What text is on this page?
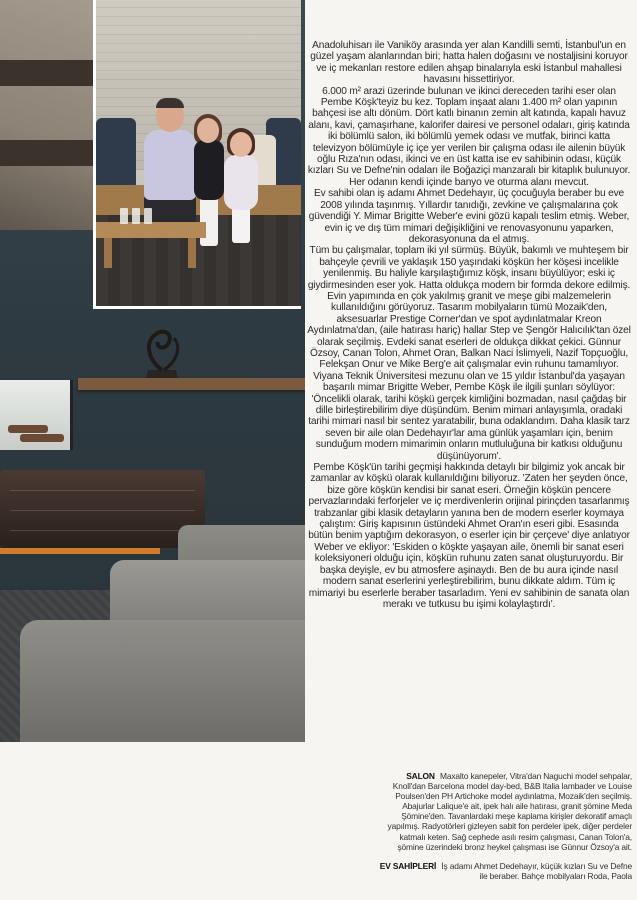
Anadoluhisarı ile Vaniköy arasında yer alan Kandilli semti, İstanbul'un en güzel yaşam alanlarından biri; hatta halen doğasını ve nostaljisini koruyor ve iç mekanları restore edilen ahşap binalarıyla eski İstanbul mahallesi havasını hissettiriyor.

6.000 m² arazi üzerinde bulunan ve ikinci dereceden tarihi eser olan Pembe Köşk'teyiz bu kez. Toplam inşaat alanı 1.400 m² olan yapının bahçesi ise altı dönüm. Dört katlı binanın zemin alt katında, kapalı havuz alanı, kavi, çamaşırhane, kalorifer dairesi ve personel odaları, giriş katında iki bölümlü salon, iki bölümlü yemek odası ve mutfak, birinci katta televizyon bölümüyle iç içe yer verilen bir çalışma odası ile ailenin büyük oğlu Rıza'nın odası, ikinci ve en üst katta ise ev sahibinin odası, küçük kızları Su ve Defne'nin odaları ile Boğaziçi manzaralı bir kitaplık bulunuyor. Her odanın kendi içinde banyo ve oturma alanı mevcut.

Ev sahibi olan iş adamı Ahmet Dedehayır, üç çocuğuyla beraber bu eve 2008 yılında taşınmış. Yıllardır tanıdığı, zevkine ve çalışmalarına çok güvendiği Y. Mimar Brigitte Weber'e evini gözü kapalı teslim etmiş. Weber, evin iç ve dış tüm mimari değişikliğini ve renovasyonunu yaparken, dekorasyonuna da el atmış.

Tüm bu çalışmalar, toplam iki yıl sürmüş. Büyük, bakımlı ve muhteşem bir bahçeyle çevrili ve yaklaşık 150 yaşındaki köşkün her köşesi incelikle yenilenmiş. Bu haliyle karşılaştığımız köşk, insanı büyülüyor; eski iç giydirmesinden eser yok. Hatta oldukça modern bir formda dekore edilmiş.

Evin yapımında en çok yakılmış granit ve meşe gibi malzemelerin kullanıldığını görüyoruz. Tasarım mobilyaların tümü Mozaik'den, aksesuarlar Prestige Corner'dan ve spot aydınlatmalar Kreon Aydınlatma'dan, (aile hatırası hariç) hallar Step ve Şengör Halıcılık'tan özel olarak seçilmiş. Evdeki sanat eserleri de oldukça dikkat çekici. Günnur Özsoy, Canan Tolon, Ahmet Oran, Balkan Naci İslimyeli, Nazif Topçuoğlu, Felekşan Onur ve Mike Berg'e ait çalışmalar evin ruhunu tamamlıyor.

Viyana Teknik Üniversitesi mezunu olan ve 15 yıldır İstanbul'da yaşayan başarılı mimar Brigitte Weber, Pembe Köşk ile ilgili şunları söylüyor: 'Öncelikli olarak, tarihi köşkü gerçek kimliğini bozmadan, nasıl çağdaş bir dille birleştirebilirim diye düşündüm. Benim mimari anlayışımla, oradaki tarihi mimari nasıl bir sentez yaratabilir, buna odaklandım. Daha klasik tarz seven bir aile olan Dedehayır'lar ama günlük yaşamları için, benim sunduğum modern mimarimin onların mutluluğuna bir katkısı olduğunu düşünüyorum'.

Pembe Köşk'ün tarihi geçmişi hakkında detaylı bir bilgimiz yok ancak bir zamanlar av köşkü olarak kullanıldığını biliyoruz. 'Zaten her şeyden önce, bize göre köşkün kendisi bir sanat eseri. Örneğin köşkün pencere pervazlarındaki ferforjeler ve iç merdivenlerin orijinal pirinçden tasarlanmış trabzanlar gibi klasik detayların yanına ben de modern eserler koymaya çalıştım: Giriş kapısının üstündeki Ahmet Oran'ın eseri gibi. Esasında bütün benim yaptığım dekorasyon, o eserler için bir çerçeve' diye anlatıyor Weber ve ekliyor: 'Eskiden o köşkte yaşayan aile, önemli bir sanat eseri koleksiyoneri olduğu için, köşkün ruhunu zaten sanat oluşturuyordu. Bir başka deyişle, ev bu atmosfere aşinaydı. Ben de bu aura içinde nasıl modern sanat eserlerini yerleştirebilirim, bunu dikkate aldım. Tüm iç mimariyi bu eserlerle beraber tasarladım. Yeni ev sahibinin de sanata olan merakı ve tutkusu bu işimi kolaylaştırdı'.

SALON Maxalto kanepeler, Vitra'dan Naguchi model sehpalar, Knoll'dan Barcelona model day-bed, B&B Italia lambader ve Louise Poulsen'den PH Artichoke model aydınlatma, Mozaik'den seçilmiş. Abajurlar Lalique'e ait, ipek halı aile hatırası, granit şömine Meda Şömine'den. Tavanlardaki meşe kaplama kirişler dekoratif amaçlı yapılmış. Radyotörleri gizleyen sabit fon perdeler ipek, diğer perdeler katmalı keten. Sağ cephede asılı resim çalışması, Canan Tolon'a, şömine üzerindeki bronz heykel çalışması ise Günnur Özsoy'a ait.

EV SAHİPLERİ İş adamı Ahmet Dedehayır, küçük kızları Su ve Defne ile beraber. Bahçe mobilyaları Roda, Paola
